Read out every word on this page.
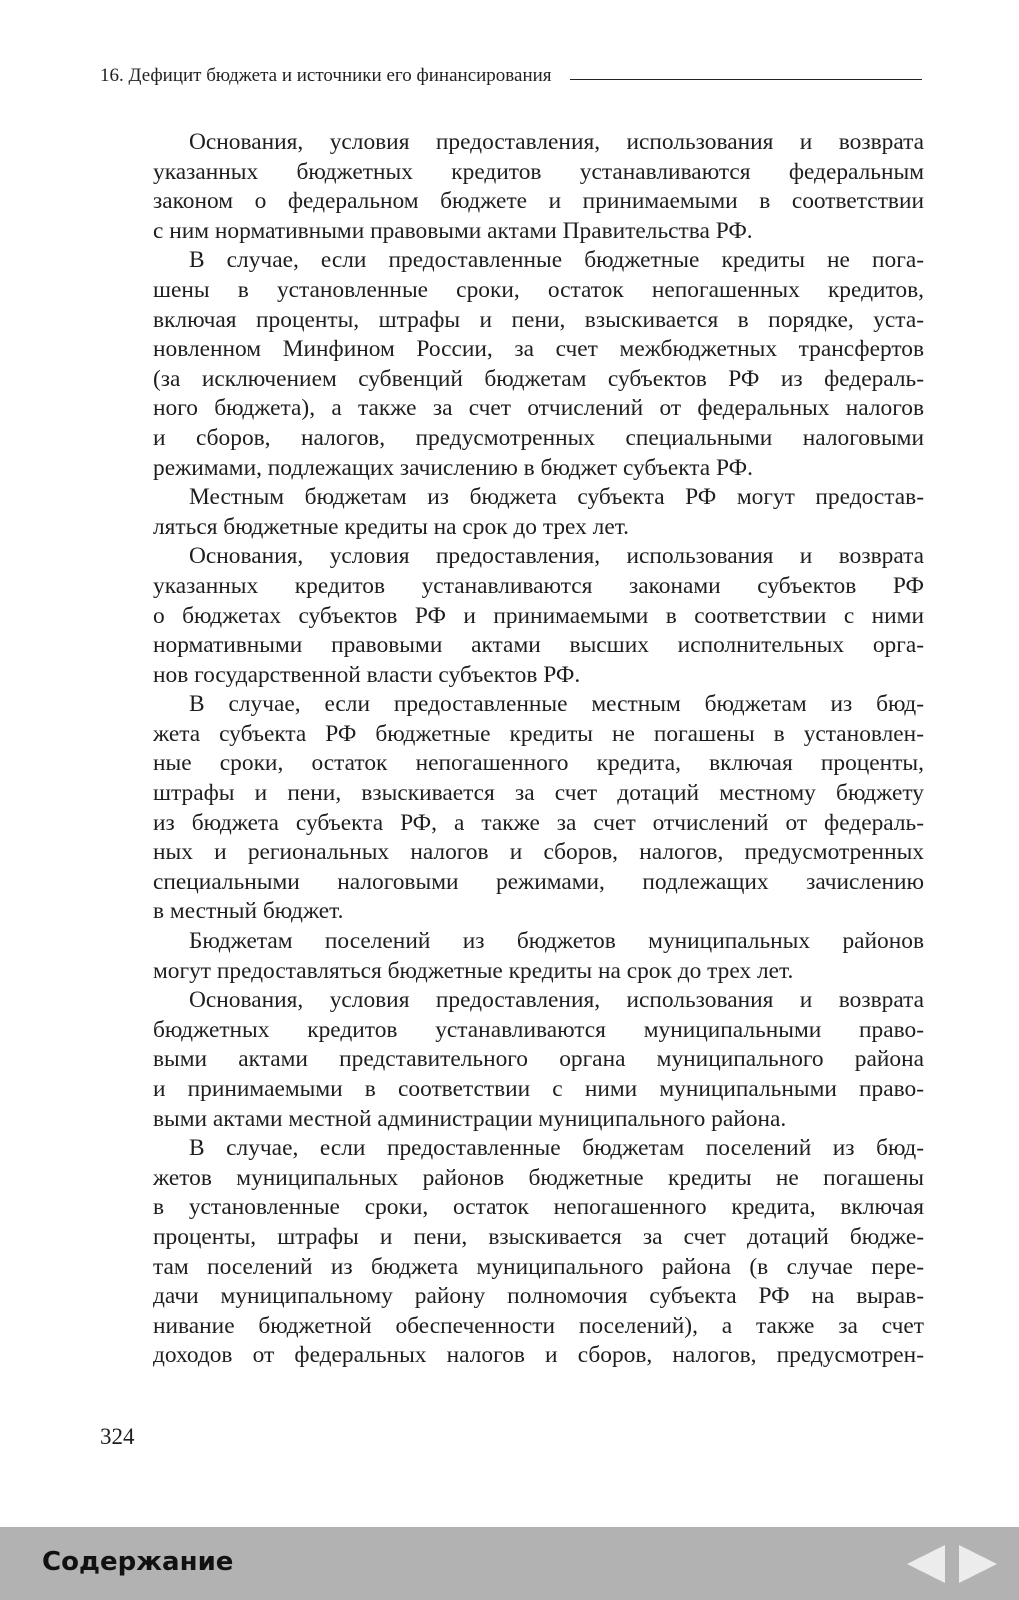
16. Дефицит бюджета и источники его финансирования
Основания, условия предоставления, использования и возврата
указанных бюджетных кредитов устанавливаются федеральным
законом о федеральном бюджете и принимаемыми в соответствии
с ним нормативными правовыми актами Правительства РФ.
В случае, если предоставленные бюджетные кредиты не пога-
шены в установленные сроки, остаток непогашенных кредитов,
включая проценты, штрафы и пени, взыскивается в порядке, уста-
новленном Минфином России, за счет межбюджетных трансфертов
(за исключением субвенций бюджетам субъектов РФ из федераль-
ного бюджета), а также за счет отчислений от федеральных налогов
и сборов, налогов, предусмотренных специальными налоговыми
режимами, подлежащих зачислению в бюджет субъекта РФ.
Местным бюджетам из бюджета субъекта РФ могут предостав-
ляться бюджетные кредиты на срок до трех лет.
Основания, условия предоставления, использования и возврата
указанных кредитов устанавливаются законами субъектов РФ
о бюджетах субъектов РФ и принимаемыми в соответствии с ними
нормативными правовыми актами высших исполнительных орга-
нов государственной власти субъектов РФ.
В случае, если предоставленные местным бюджетам из бюд-
жета субъекта РФ бюджетные кредиты не погашены в установлен-
ные сроки, остаток непогашенного кредита, включая проценты,
штрафы и пени, взыскивается за счет дотаций местному бюджету
из бюджета субъекта РФ, а также за счет отчислений от федераль-
ных и региональных налогов и сборов, налогов, предусмотренных
специальными налоговыми режимами, подлежащих зачислению
в местный бюджет.
Бюджетам поселений из бюджетов муниципальных районов
могут предоставляться бюджетные кредиты на срок до трех лет.
Основания, условия предоставления, использования и возврата
бюджетных кредитов устанавливаются муниципальными право-
выми актами представительного органа муниципального района
и принимаемыми в соответствии с ними муниципальными право-
выми актами местной администрации муниципального района.
В случае, если предоставленные бюджетам поселений из бюд-
жетов муниципальных районов бюджетные кредиты не погашены
в установленные сроки, остаток непогашенного кредита, включая
проценты, штрафы и пени, взыскивается за счет дотаций бюдже-
там поселений из бюджета муниципального района (в случае пере-
дачи муниципальному району полномочия субъекта РФ на вырав-
нивание бюджетной обеспеченности поселений), а также за счет
доходов от федеральных налогов и сборов, налогов, предусмотрен-
324
Содержание
